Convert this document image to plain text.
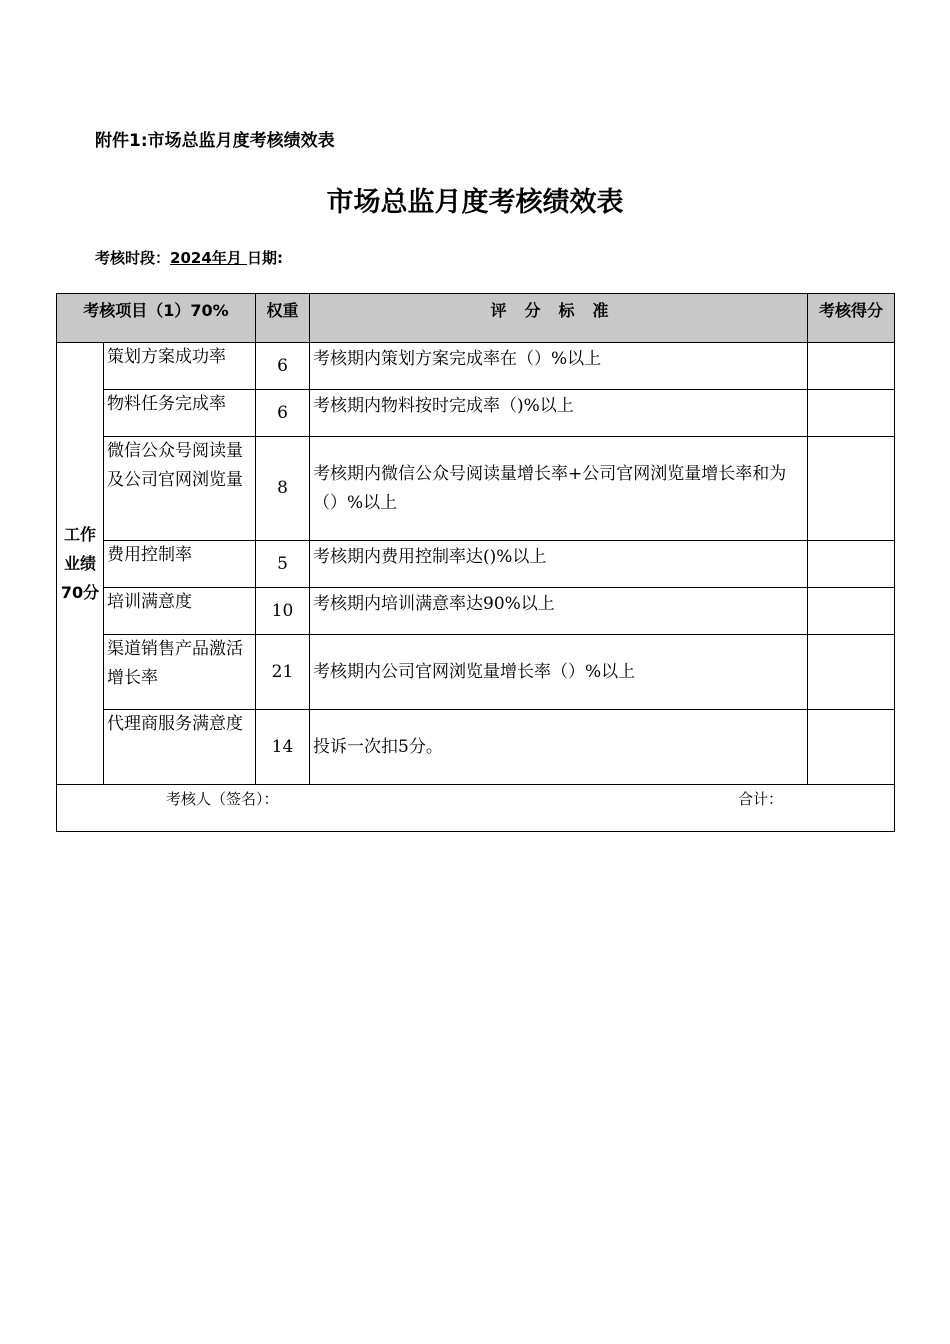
附件1:市场总监月度考核绩效表
市场总监月度考核绩效表
考核时段：2024年月 日期:
考核项目（1）70%		权重	评分标准	考核得分

工作
业绩
70分	策划方案成功率	6	考核期内策划方案完成率在（）%以上	
	物料任务完成率	6	考核期内物料按时完成率（)%以上	
	微信公众号阅读量及公司官网浏览量	8	考核期内微信公众号阅读量增长率+公司官网浏览量增长率和为（）%以上	
	费用控制率	5	考核期内费用控制率达()%以上	
	培训满意度	10	考核期内培训满意率达90%以上	
	渠道销售产品激活增长率	21	考核期内公司官网浏览量增长率（）%以上	
	代理商服务满意度	14	投诉一次扣5分。	

考核人（签名）： 合计：				
